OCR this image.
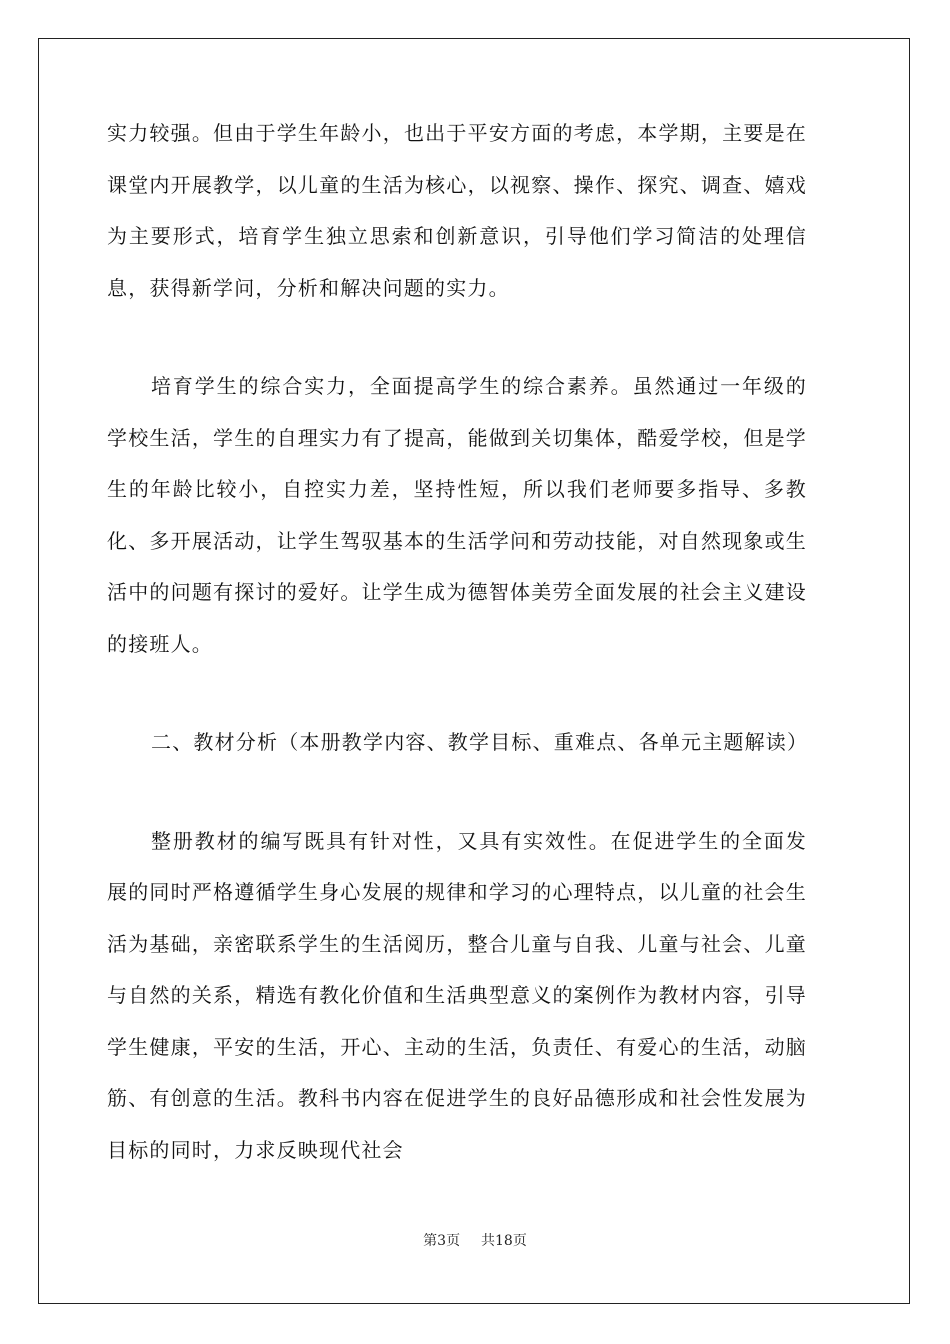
实力较强。但由于学生年龄小，也出于平安方面的考虑，本学期，主要是在课堂内开展教学，以儿童的生活为核心，以视察、操作、探究、调查、嬉戏为主要形式，培育学生独立思索和创新意识，引导他们学习简洁的处理信息，获得新学问，分析和解决问题的实力。

培育学生的综合实力，全面提高学生的综合素养。虽然通过一年级的学校生活，学生的自理实力有了提高，能做到关切集体，酷爱学校，但是学生的年龄比较小，自控实力差，坚持性短，所以我们老师要多指导、多教化、多开展活动，让学生驾驭基本的生活学问和劳动技能，对自然现象或生活中的问题有探讨的爱好。让学生成为德智体美劳全面发展的社会主义建设的接班人。

二、教材分析（本册教学内容、教学目标、重难点、各单元主题解读）

整册教材的编写既具有针对性，又具有实效性。在促进学生的全面发展的同时严格遵循学生身心发展的规律和学习的心理特点，以儿童的社会生活为基础，亲密联系学生的生活阅历，整合儿童与自我、儿童与社会、儿童与自然的关系，精选有教化价值和生活典型意义的案例作为教材内容，引导学生健康，平安的生活，开心、主动的生活，负责任、有爱心的生活，动脑筋、有创意的生活。教科书内容在促进学生的良好品德形成和社会性发展为目标的同时，力求反映现代社会

第3页 共18页
